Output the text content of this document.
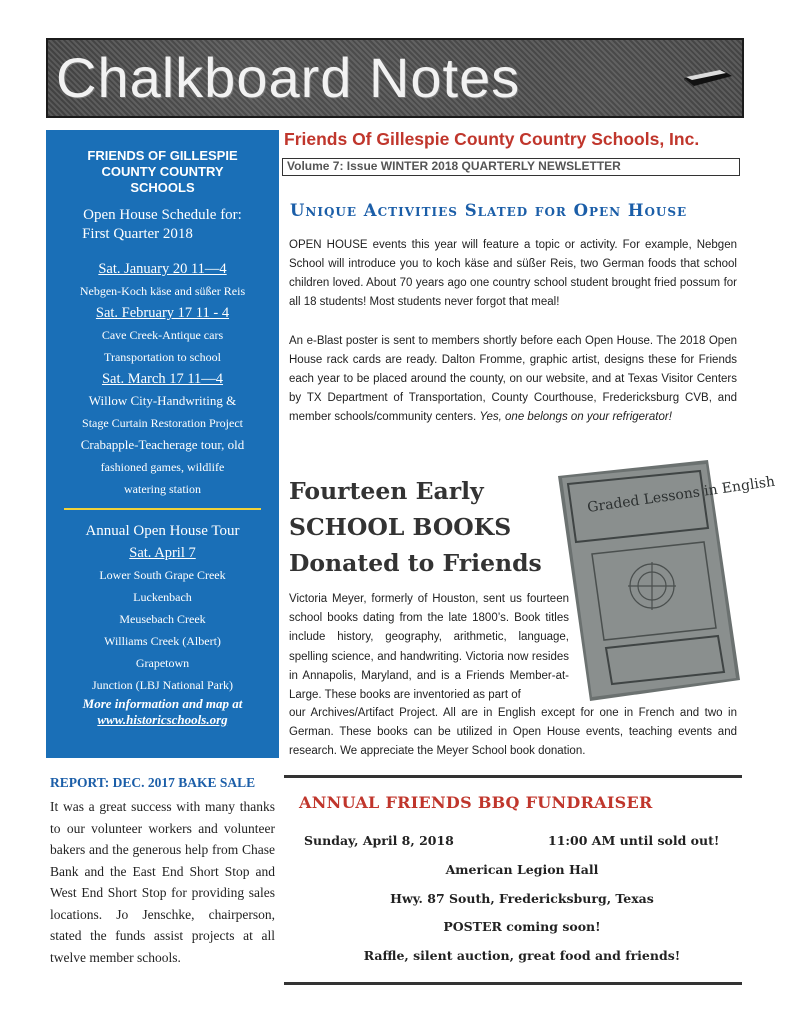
Chalkboard Notes
FRIENDS OF GILLESPIE
COUNTY COUNTRY
SCHOOLS
Open House Schedule for:
First Quarter 2018
Sat. January 20 11—4
Nebgen-Koch käse and süßer Reis
Sat. February 17 11 - 4
Cave Creek-Antique cars
Transportation to school
Sat. March 17 11—4
Willow City-Handwriting &
Stage Curtain Restoration Project
Crabapple-Teacherage tour, old
fashioned games, wildlife
watering station
Annual Open House Tour
Sat. April 7
Lower South Grape Creek
Luckenbach
Meusebach Creek
Williams Creek (Albert)
Grapetown
Junction (LBJ National Park)
More information and map at
www.historicschools.org
Friends Of Gillespie County Country Schools, Inc.
Volume 7: Issue WINTER 2018 QUARTERLY NEWSLETTER
Unique Activities Slated for Open House
OPEN HOUSE events this year will feature a topic or activity. For example, Nebgen School will introduce you to koch käse and süßer Reis, two German foods that school children loved. About 70 years ago one country school student brought fried possum for all 18 students! Most students never forgot that meal!
An e-Blast poster is sent to members shortly before each Open House. The 2018 Open House rack cards are ready. Dalton Fromme, graphic artist, designs these for Friends each year to be placed around the county, on our website, and at Texas Visitor Centers by TX Department of Transportation, County Courthouse, Fredericksburg CVB, and member schools/community centers. Yes, one belongs on your refrigerator!
Fourteen Early
SCHOOL BOOKS
Donated to Friends
Graded Lessons in English
Victoria Meyer, formerly of Houston, sent us fourteen school books dating from the late 1800’s. Book titles include history, geography, arithmetic, language, spelling science, and handwriting. Victoria now resides in Annapolis, Maryland, and is a Friends Member-at-Large. These books are inventoried as part of
our Archives/Artifact Project. All are in English except for one in French and two in German. These books can be utilized in Open House events, teaching events and research. We appreciate the Meyer School book donation.
REPORT: DEC. 2017 BAKE SALE
It was a great success with many thanks to our volunteer workers and volunteer bakers and the generous help from Chase Bank and the East End Short Stop and West End Short Stop for providing sales locations. Jo Jenschke, chairperson, stated the funds assist projects at all twelve member schools.
ANNUAL FRIENDS BBQ FUNDRAISER
Sunday, April 8, 2018	11:00 AM until sold out!
American Legion Hall
Hwy. 87 South, Fredericksburg, Texas
POSTER coming soon!
Raffle, silent auction, great food and friends!
